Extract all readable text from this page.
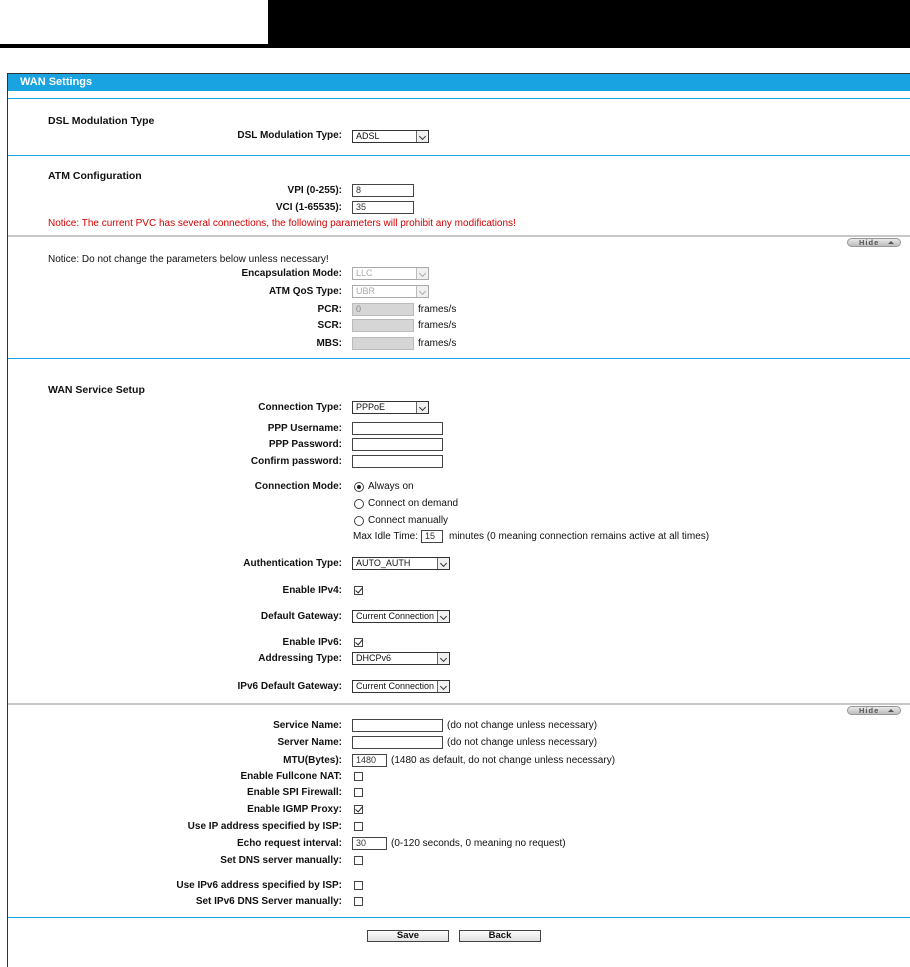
WAN Settings
DSL Modulation Type
DSL Modulation Type:	ADSL
ATM Configuration
VPI (0-255):	8
VCI (1-65535):	35
Notice: The current PVC has several connections, the following parameters will prohibit any modifications!
Hide
Notice: Do not change the parameters below unless necessary!
Encapsulation Mode:	LLC
ATM QoS Type:	UBR
PCR:	0	frames/s
SCR:	frames/s
MBS:	frames/s
WAN Service Setup
Connection Type:	PPPoE
PPP Username:
PPP Password:
Confirm password:
Connection Mode:	Always on
Connect on demand
Connect manually
Max Idle Time: 15	minutes (0 meaning connection remains active at all times)
Authentication Type:	AUTO_AUTH
Enable IPv4:
Default Gateway:	Current Connection
Enable IPv6:
Addressing Type:	DHCPv6
IPv6 Default Gateway:	Current Connection
Hide
Service Name:	(do not change unless necessary)
Server Name:	(do not change unless necessary)
MTU(Bytes):	1480	(1480 as default, do not change unless necessary)
Enable Fullcone NAT:
Enable SPI Firewall:
Enable IGMP Proxy:
Use IP address specified by ISP:
Echo request interval:	30	(0-120 seconds, 0 meaning no request)
Set DNS server manually:
Use IPv6 address specified by ISP:
Set IPv6 DNS Server manually:
Save	Back
